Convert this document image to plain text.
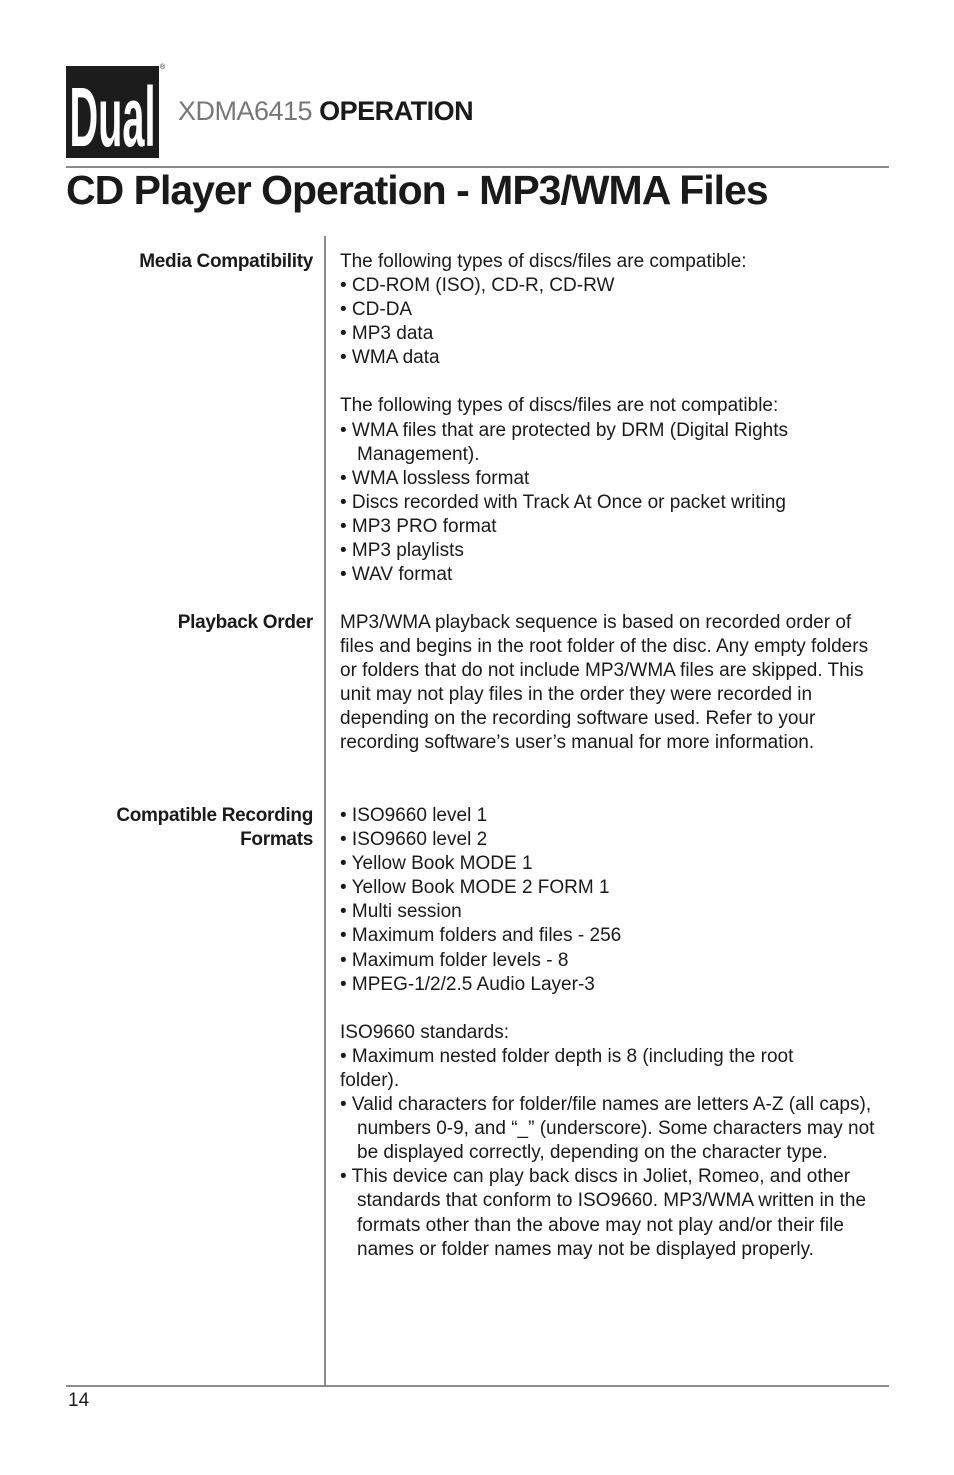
Dual
®
XDMA6415 OPERATION
CD Player Operation - MP3/WMA Files
Media Compatibility The following types of discs/files are compatible:

• CD-ROM (ISO), CD-R, CD-RW
• CD-DA
• MP3 data
• WMA data

The following types of discs/files are not compatible:

• WMA files that are protected by DRM (Digital Rights Management).
• WMA lossless format
• Discs recorded with Track At Once or packet writing
• MP3 PRO format
• MP3 playlists
• WAV format
Playback Order MP3/WMA playback sequence is based on recorded order of files and begins in the root folder of the disc. Any empty folders or folders that do not include MP3/WMA files are skipped. This unit may not play files in the order they were recorded in depending on the recording software used. Refer to your recording software’s user’s manual for more information.

Compatible Recording
Formats
• ISO9660 level 1
• ISO9660 level 2
• Yellow Book MODE 1
• Yellow Book MODE 2 FORM 1
• Multi session
• Maximum folders and files - 256
• Maximum folder levels - 8
• MPEG-1/2/2.5 Audio Layer-3

ISO9660 standards:

• Maximum nested folder depth is 8 (including the root folder).
• Valid characters for folder/file names are letters A-Z (all caps), numbers 0-9, and “_” (underscore). Some characters may not be displayed correctly, depending on the character type.
• This device can play back discs in Joliet, Romeo, and other standards that conform to ISO9660. MP3/WMA written in the formats other than the above may not play and/or their file names or folder names may not be displayed properly.
14
